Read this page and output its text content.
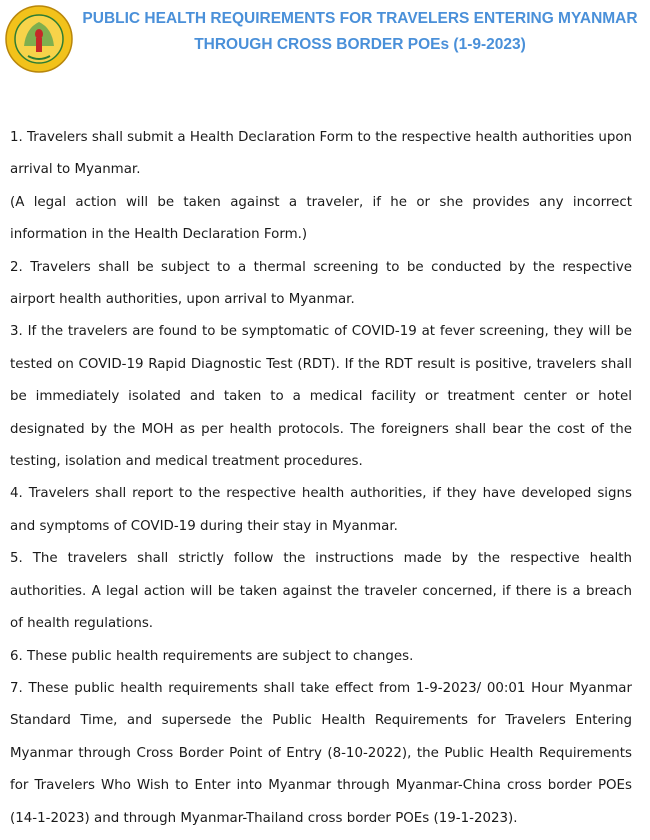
PUBLIC HEALTH REQUIREMENTS FOR TRAVELERS ENTERING MYANMAR
THROUGH CROSS BORDER POEs (1-9-2023)

1. Travelers shall submit a Health Declaration Form to the respective health authorities upon arrival to Myanmar.

(A legal action will be taken against a traveler, if he or she provides any incorrect information in the Health Declaration Form.)

2. Travelers shall be subject to a thermal screening to be conducted by the respective airport health authorities, upon arrival to Myanmar.

3. If the travelers are found to be symptomatic of COVID-19 at fever screening, they will be tested on COVID-19 Rapid Diagnostic Test (RDT). If the RDT result is positive, travelers shall be immediately isolated and taken to a medical facility or treatment center or hotel designated by the MOH as per health protocols. The foreigners shall bear the cost of the testing, isolation and medical treatment procedures.

4. Travelers shall report to the respective health authorities, if they have developed signs and symptoms of COVID-19 during their stay in Myanmar.

5. The travelers shall strictly follow the instructions made by the respective health authorities. A legal action will be taken against the traveler concerned, if there is a breach of health regulations.

6. These public health requirements are subject to changes.

7. These public health requirements shall take effect from 1-9-2023/ 00:01 Hour Myanmar Standard Time, and supersede the Public Health Requirements for Travelers Entering Myanmar through Cross Border Point of Entry (8-10-2022), the Public Health Requirements for Travelers Who Wish to Enter into Myanmar through Myanmar-China cross border POEs (14-1-2023) and through Myanmar-Thailand cross border POEs (19-1-2023).
